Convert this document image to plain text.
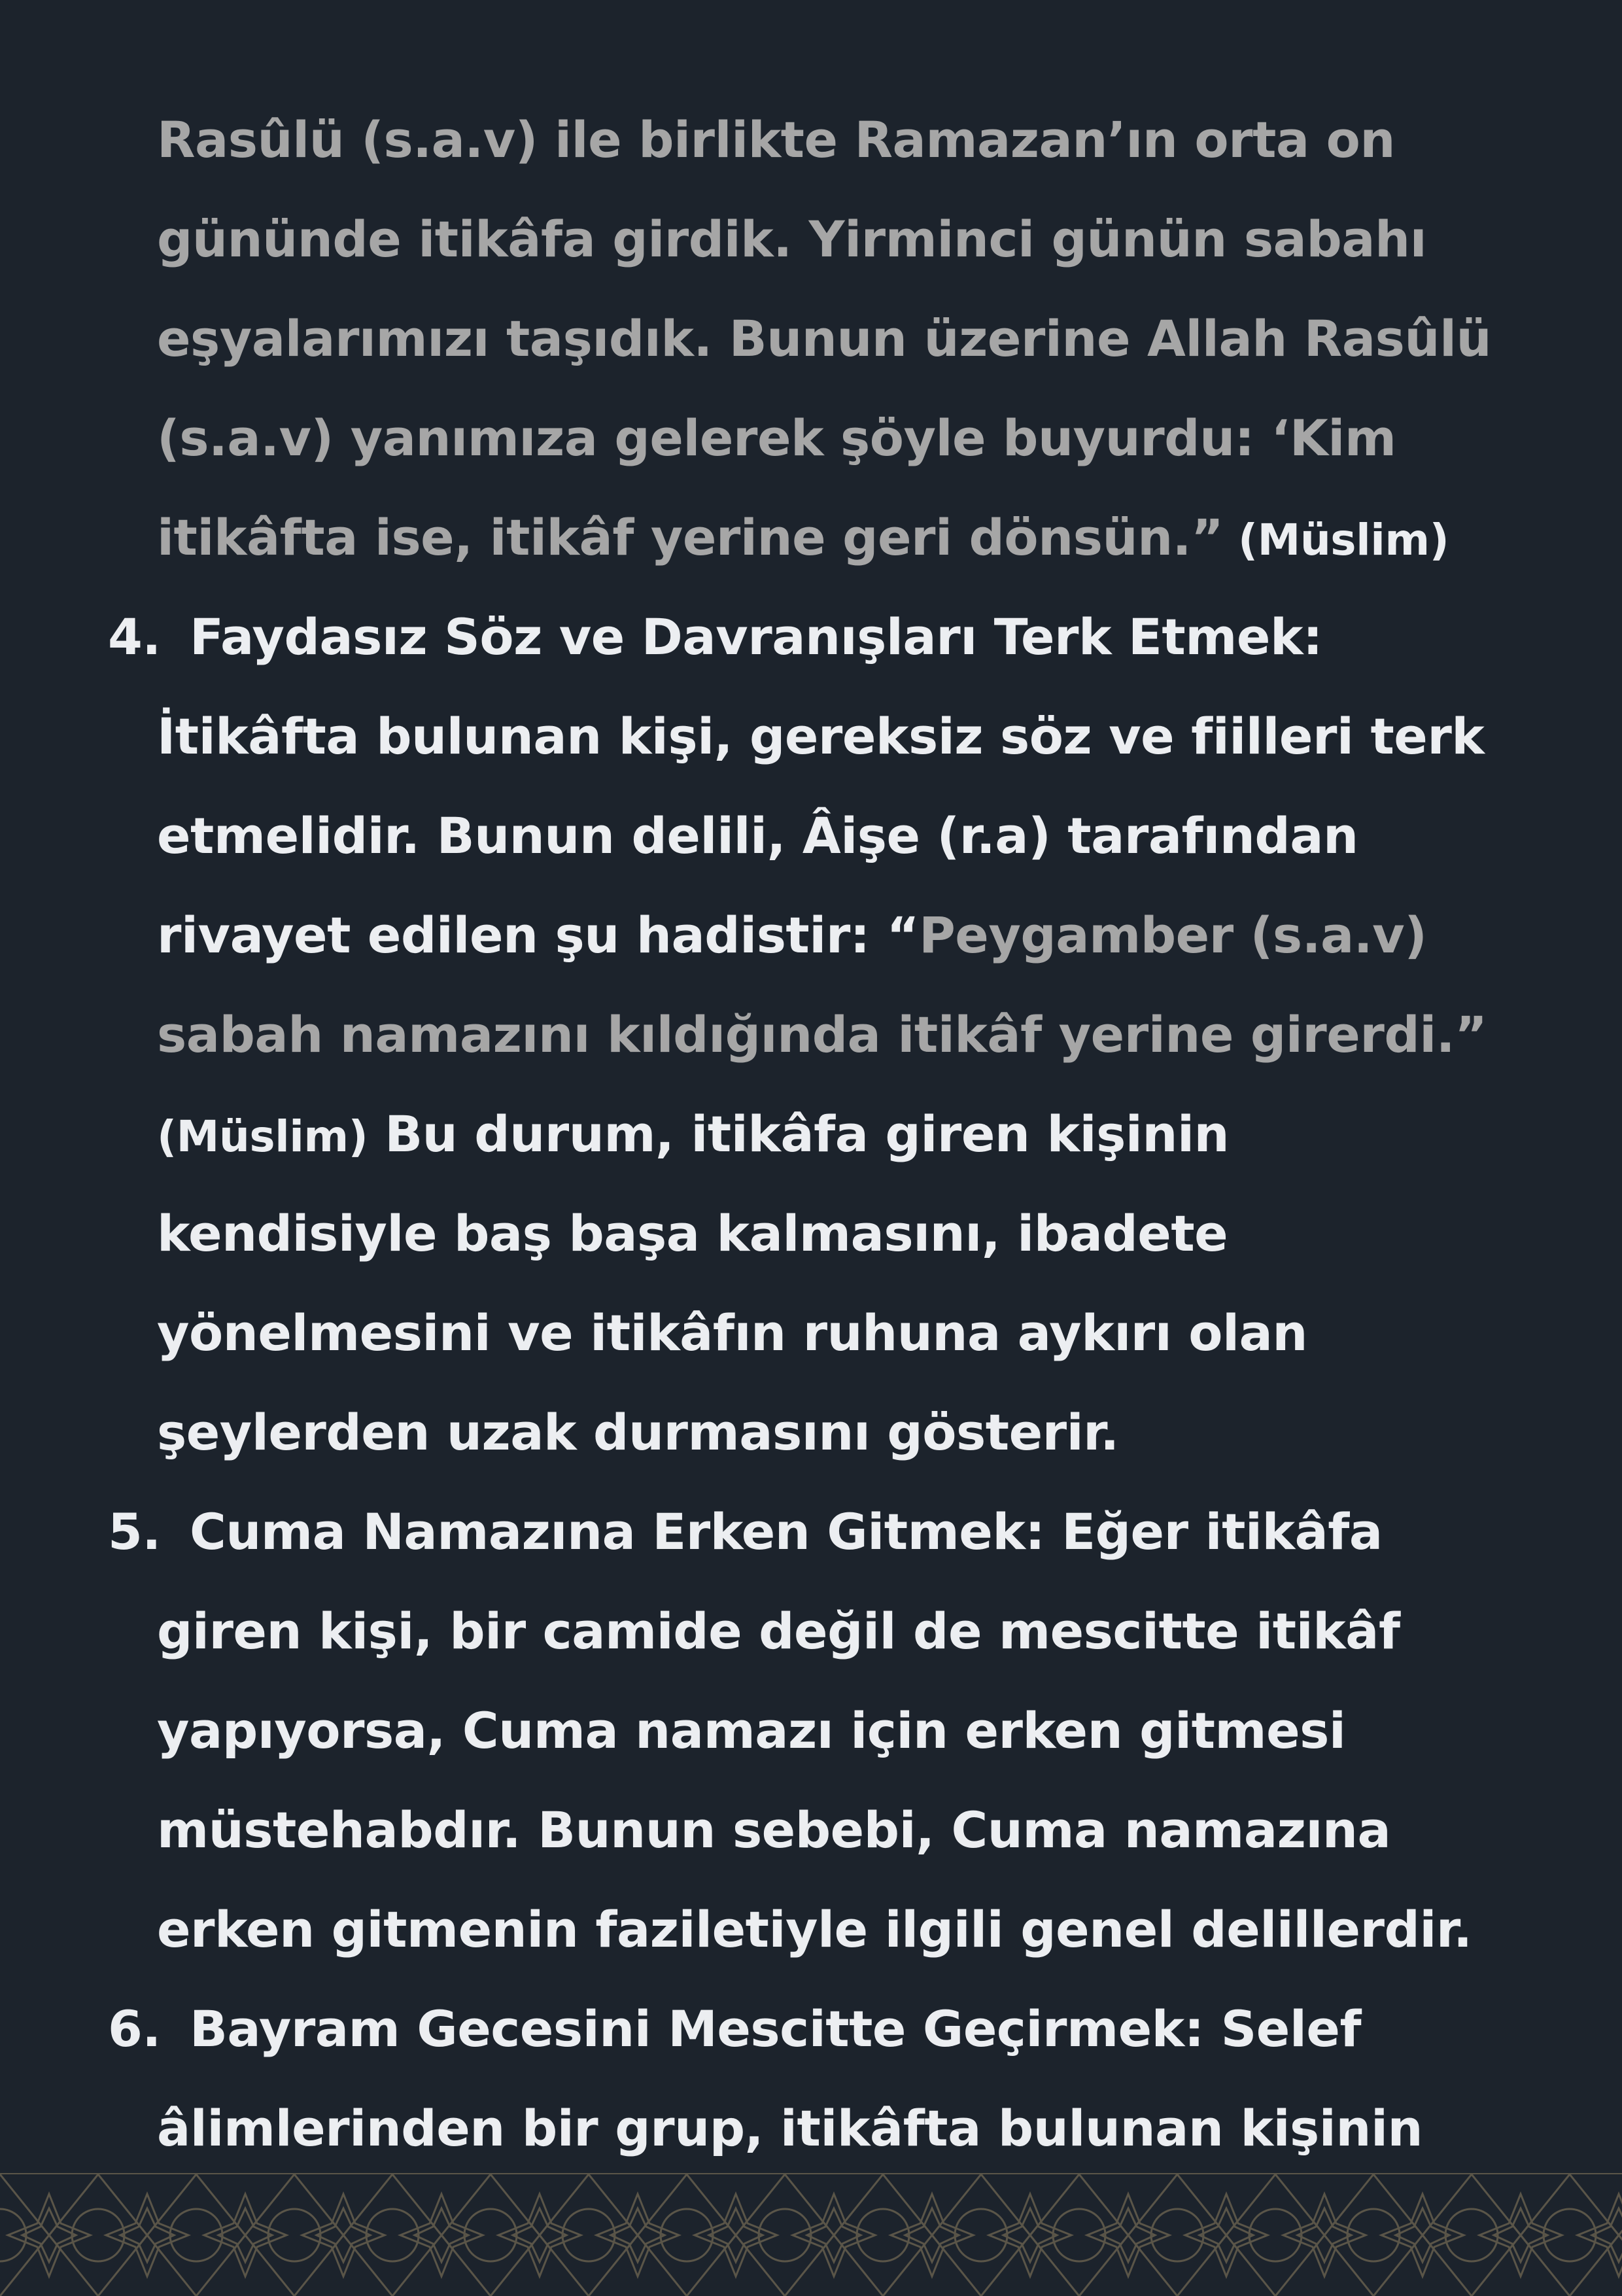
Rasûlü (s.a.v) ile birlikte Ramazan’ın orta on
gününde itikâfa girdik. Yirminci günün sabahı
eşyalarımızı taşıdık. Bunun üzerine Allah Rasûlü
(s.a.v) yanımıza gelerek şöyle buyurdu: ‘Kim
itikâfta ise, itikâf yerine geri dönsün.” (Müslim)
4. Faydasız Söz ve Davranışları Terk Etmek:
İtikâfta bulunan kişi, gereksiz söz ve fiilleri terk
etmelidir. Bunun delili, Âişe (r.a) tarafından
rivayet edilen şu hadistir: “Peygamber (s.a.v)
sabah namazını kıldığında itikâf yerine girerdi.”
(Müslim) Bu durum, itikâfa giren kişinin
kendisiyle baş başa kalmasını, ibadete
yönelmesini ve itikâfın ruhuna aykırı olan
şeylerden uzak durmasını gösterir.
5. Cuma Namazına Erken Gitmek: Eğer itikâfa
giren kişi, bir camide değil de mescitte itikâf
yapıyorsa, Cuma namazı için erken gitmesi
müstehabdır. Bunun sebebi, Cuma namazına
erken gitmenin faziletiyle ilgili genel delillerdir.
6. Bayram Gecesini Mescitte Geçirmek: Selef
âlimlerinden bir grup, itikâfta bulunan kişinin
